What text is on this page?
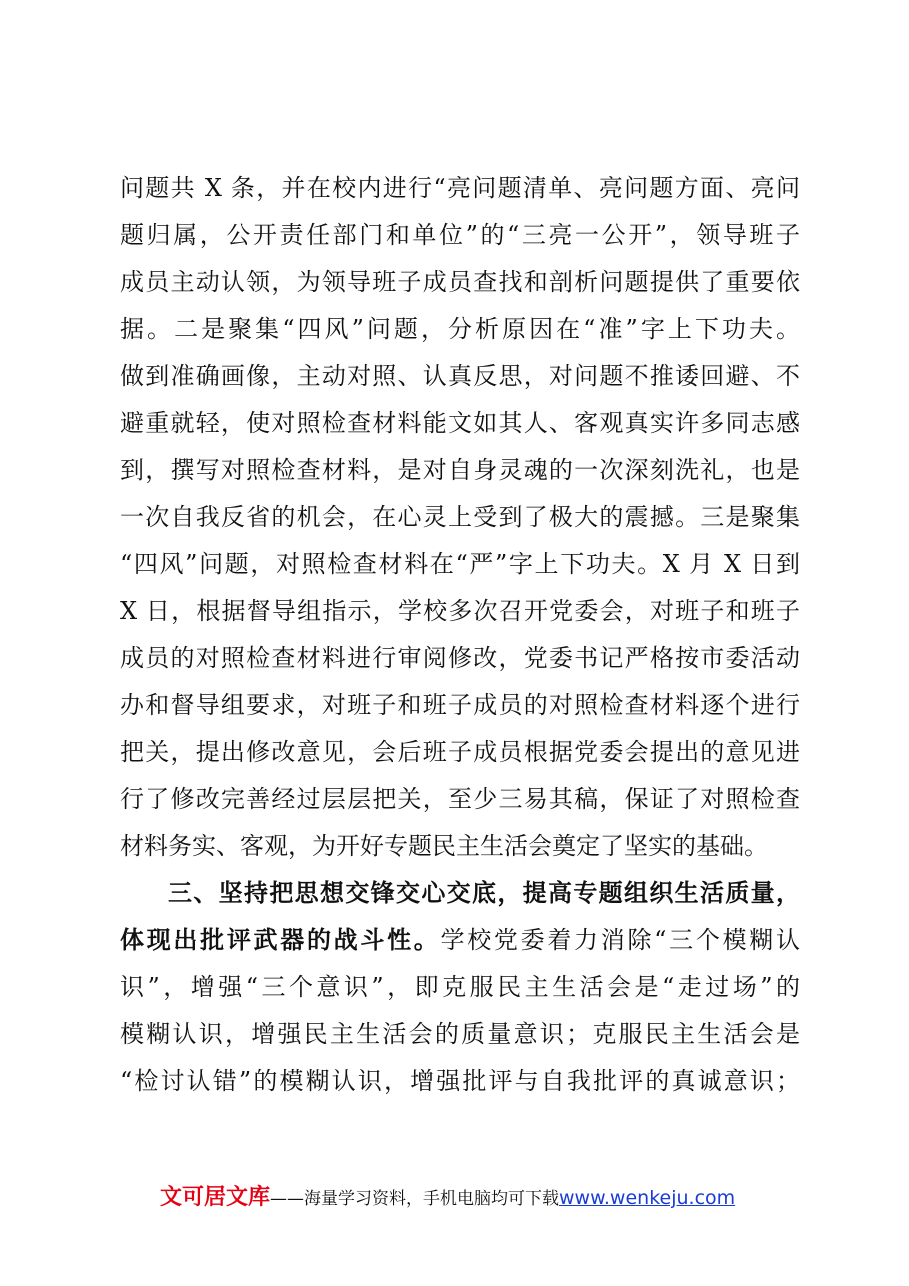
问题共 X 条，并在校内进行“亮问题清单、亮问题方面、亮问
题归属，公开责任部门和单位”的“三亮一公开”，领导班子
成员主动认领，为领导班子成员查找和剖析问题提供了重要依
据。二是聚集“四风”问题，分析原因在“准”字上下功夫。
做到准确画像，主动对照、认真反思，对问题不推诿回避、不
避重就轻，使对照检查材料能文如其人、客观真实许多同志感
到，撰写对照检查材料，是对自身灵魂的一次深刻洗礼，也是
一次自我反省的机会，在心灵上受到了极大的震撼。三是聚集
“四风”问题，对照检查材料在“严”字上下功夫。X 月 X 日到
X 日，根据督导组指示，学校多次召开党委会，对班子和班子
成员的对照检查材料进行审阅修改，党委书记严格按市委活动
办和督导组要求，对班子和班子成员的对照检查材料逐个进行
把关，提出修改意见，会后班子成员根据党委会提出的意见进
行了修改完善经过层层把关，至少三易其稿，保证了对照检查
材料务实、客观，为开好专题民主生活会奠定了坚实的基础。
三、坚持把思想交锋交心交底，提高专题组织生活质量，
体现出批评武器的战斗性。学校党委着力消除“三个模糊认
识”，增强“三个意识”，即克服民主生活会是“走过场”的
模糊认识，增强民主生活会的质量意识；克服民主生活会是
“检讨认错”的模糊认识，增强批评与自我批评的真诚意识；
文可居文库——海量学习资料，手机电脑均可下载www.wenkeju.com
